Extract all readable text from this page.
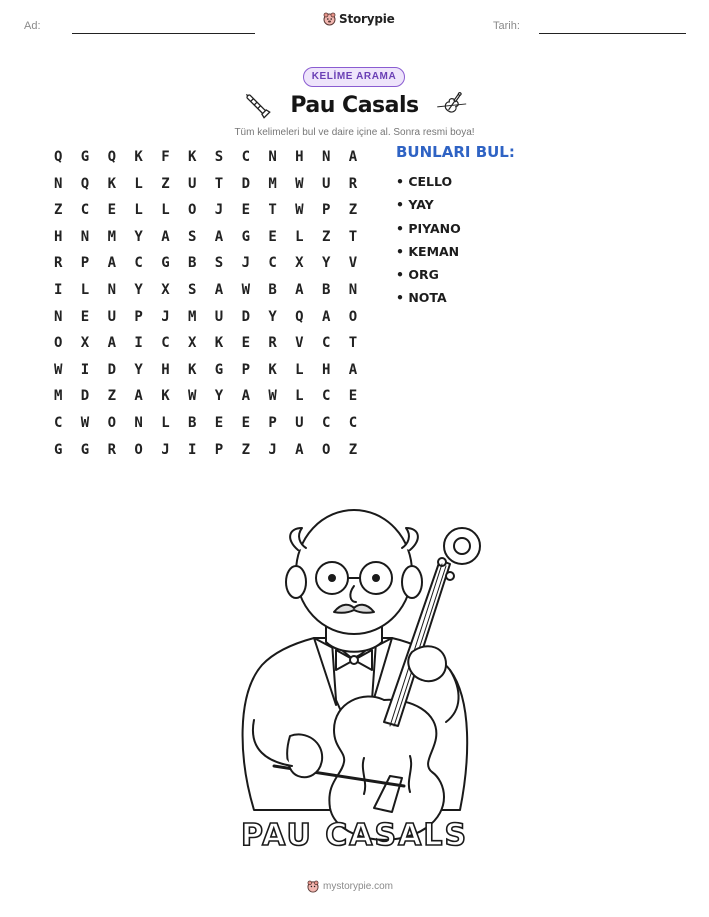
Ad:	Storypie	Tarih:
KELİME ARAMA
Pau Casals
Tüm kelimeleri bul ve daire içine al. Sonra resmi boya!
Q	G	Q	K	F	K	S	C	N	H	N	A
N	Q	K	L	Z	U	T	D	M	W	U	R
Z	C	E	L	L	O	J	E	T	W	P	Z
H	N	M	Y	A	S	A	G	E	L	Z	T
R	P	A	C	G	B	S	J	C	X	Y	V
I	L	N	Y	X	S	A	W	B	A	B	N
N	E	U	P	J	M	U	D	Y	Q	A	O
O	X	A	I	C	X	K	E	R	V	C	T
W	I	D	Y	H	K	G	P	K	L	H	A
M	D	Z	A	K	W	Y	A	W	L	C	E
C	W	O	N	L	B	E	E	P	U	C	C
G	G	R	O	J	I	P	Z	J	A	O	Z
BUNLARI BUL:
• CELLO
• YAY
• PIYANO
• KEMAN
• ORG
• NOTA
PAU CASALS
mystorypie.com
